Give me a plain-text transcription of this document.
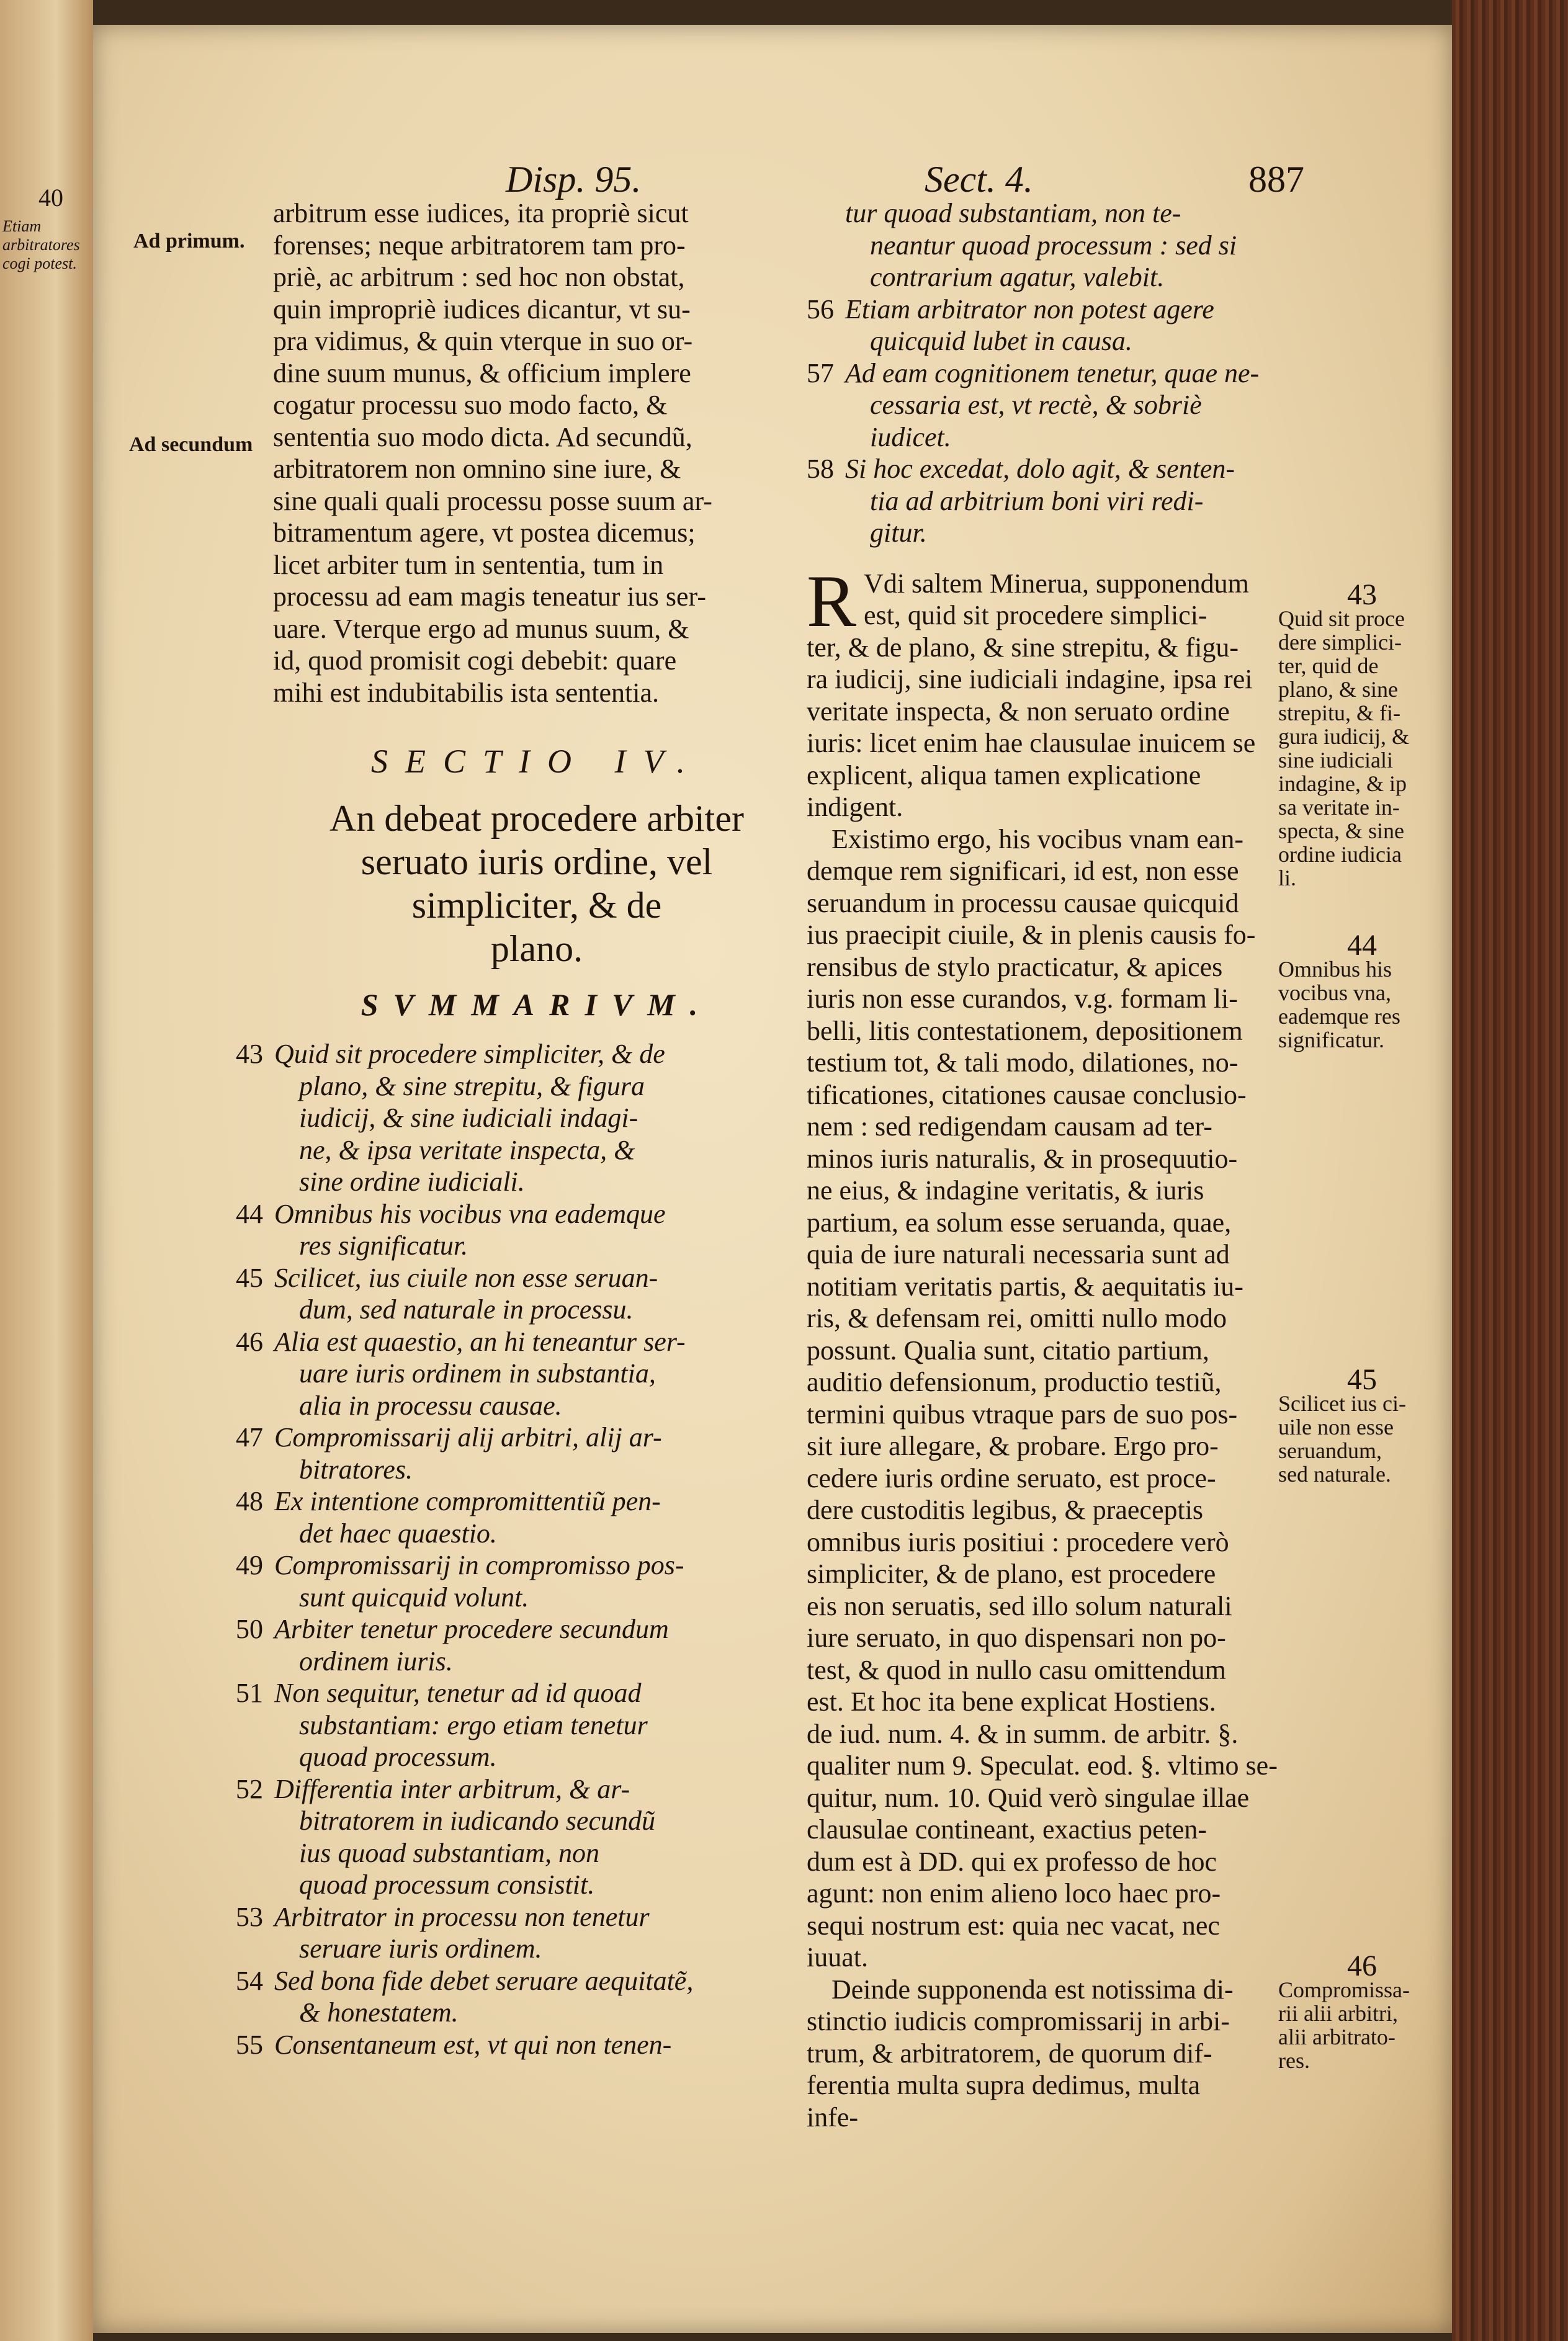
40
Etiam arbitratores cogi potest.
Disp. 95.	Sect. 4.	887
Ad primum.
Ad secundum
arbitrum esse iudices, ita propriè sicut
forenses; neque arbitratorem tam pro-
priè, ac arbitrum : sed hoc non obstat,
quin impropriè iudices dicantur, vt su-
pra vidimus, & quin vterque in suo or-
dine suum munus, & officium implere
cogatur processu suo modo facto, &
sententia suo modo dicta. Ad secundũ,
arbitratorem non omnino sine iure, &
sine quali quali processu posse suum ar-
bitramentum agere, vt postea dicemus;
licet arbiter tum in sententia, tum in
processu ad eam magis teneatur ius ser-
uare. Vterque ergo ad munus suum, &
id, quod promisit cogi debebit: quare
mihi est indubitabilis ista sententia.
SECTIO IV.
An debeat procedere arbiter
seruato iuris ordine, vel
simpliciter, & de
plano.
SVMMARIVM.
43 Quid sit procedere simpliciter, & de
plano, & sine strepitu, & figura
iudicij, & sine iudiciali indagi-
ne, & ipsa veritate inspecta, &
sine ordine iudiciali.
44 Omnibus his vocibus vna eademque
res significatur.
45 Scilicet, ius ciuile non esse seruan-
dum, sed naturale in processu.
46 Alia est quaestio, an hi teneantur ser-
uare iuris ordinem in substantia,
alia in processu causae.
47 Compromissarij alij arbitri, alij ar-
bitratores.
48 Ex intentione compromittentiũ pen-
det haec quaestio.
49 Compromissarij in compromisso pos-
sunt quicquid volunt.
50 Arbiter tenetur procedere secundum
ordinem iuris.
51 Non sequitur, tenetur ad id quoad
substantiam: ergo etiam tenetur
quoad processum.
52 Differentia inter arbitrum, & ar-
bitratorem in iudicando secundũ
ius quoad substantiam, non
quoad processum consistit.
53 Arbitrator in processu non tenetur
seruare iuris ordinem.
54 Sed bona fide debet seruare aequitatẽ,
& honestatem.
55 Consentaneum est, vt qui non tenen-
tur quoad substantiam, non te-
neantur quoad processum : sed si
contrarium agatur, valebit.
56 Etiam arbitrator non potest agere
quicquid lubet in causa.
57 Ad eam cognitionem tenetur, quae ne-
cessaria est, vt rectè, & sobriè
iudicet.
58 Si hoc excedat, dolo agit, & senten-
tia ad arbitrium boni viri redi-
gitur.

R Vdi saltem Minerua, supponendum
est, quid sit procedere simplici-
ter, & de plano, & sine strepitu, & figu-
ra iudicij, sine iudiciali indagine, ipsa rei
veritate inspecta, & non seruato ordine
iuris: licet enim hae clausulae inuicem se
explicent, aliqua tamen explicatione
indigent.

Existimo ergo, his vocibus vnam ean-
demque rem significari, id est, non esse
seruandum in processu causae quicquid
ius praecipit ciuile, & in plenis causis fo-
rensibus de stylo practicatur, & apices
iuris non esse curandos, v.g. formam li-
belli, litis contestationem, depositionem
testium tot, & tali modo, dilationes, no-
tificationes, citationes causae conclusio-
nem : sed redigendam causam ad ter-
minos iuris naturalis, & in prosequutio-
ne eius, & indagine veritatis, & iuris
partium, ea solum esse seruanda, quae,
quia de iure naturali necessaria sunt ad
notitiam veritatis partis, & aequitatis iu-
ris, & defensam rei, omitti nullo modo
possunt. Qualia sunt, citatio partium,
auditio defensionum, productio testiũ,
termini quibus vtraque pars de suo pos-
sit iure allegare, & probare. Ergo pro-
cedere iuris ordine seruato, est proce-
dere custoditis legibus, & praeceptis
omnibus iuris positiui : procedere verò
simpliciter, & de plano, est procedere
eis non seruatis, sed illo solum naturali
iure seruato, in quo dispensari non po-
test, & quod in nullo casu omittendum
est. Et hoc ita bene explicat Hostiens.
de iud. num. 4. & in summ. de arbitr. §.
qualiter num 9. Speculat. eod. §. vltimo se-
quitur, num. 10. Quid verò singulae illae
clausulae contineant, exactius peten-
dum est à DD. qui ex professo de hoc
agunt: non enim alieno loco haec pro-
sequi nostrum est: quia nec vacat, nec
iuuat.

Deinde supponenda est notissima di-
stinctio iudicis compromissarij in arbi-
trum, & arbitratorem, de quorum dif-
ferentia multa supra dedimus, multa
infe-

43
Quid sit proce
dere simplici-
ter, quid de
plano, & sine
strepitu, & fi-
gura iudicij, &
sine iudiciali
indagine, & ip
sa veritate in-
specta, & sine
ordine iudicia
li.
44
Omnibus his
vocibus vna,
eademque res
significatur.
45
Scilicet ius ci-
uile non esse
seruandum,
sed naturale.
46
Compromissa-
rii alii arbitri,
alii arbitrato-
res.
